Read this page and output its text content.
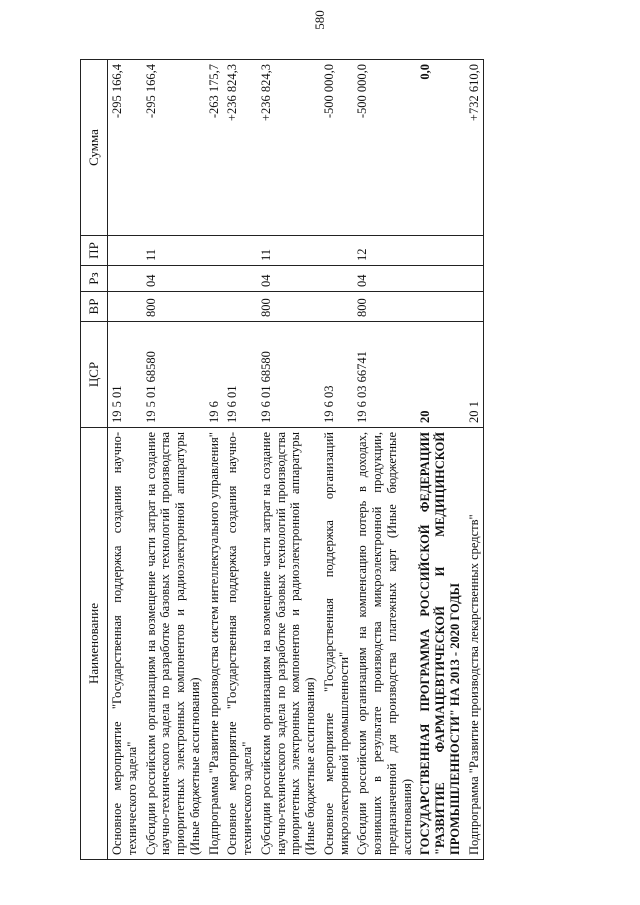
580
Наименование	ЦСР	ВР	Рз	ПР	Сумма
Основное мероприятие "Государственная поддержка создания научно-технического задела"	19 5 01				-295 166,4
Субсидии российским организациям на возмещение части затрат на создание научно-технического задела по разработке базовых технологий производства приоритетных электронных компонентов и радиоэлектронной аппаратуры (Иные бюджетные ассигнования)	19 5 01 68580	800	04	11	-295 166,4
Подпрограмма "Развитие производства систем интеллектуального управления"	19 6				-263 175,7
Основное мероприятие "Государственная поддержка создания научно-технического задела"	19 6 01				+236 824,3
Субсидии российским организациям на возмещение части затрат на создание научно-технического задела по разработке базовых технологий производства приоритетных электронных компонентов и радиоэлектронной аппаратуры (Иные бюджетные ассигнования)	19 6 01 68580	800	04	11	+236 824,3
Основное мероприятие "Государственная поддержка организаций микроэлектронной промышленности"	19 6 03				-500 000,0
Субсидии российским организациям на компенсацию потерь в доходах, возникших в результате производства микроэлектронной продукции, предназначенной для производства платежных карт (Иные бюджетные ассигнования)	19 6 03 66741	800	04	12	-500 000,0
ГОСУДАРСТВЕННАЯ ПРОГРАММА РОССИЙСКОЙ ФЕДЕРАЦИИ "РАЗВИТИЕ ФАРМАЦЕВТИЧЕСКОЙ И МЕДИЦИНСКОЙ ПРОМЫШЛЕННОСТИ" НА 2013 - 2020 ГОДЫ	20				0,0
Подпрограмма "Развитие производства лекарственных средств"	20 1				+732 610,0
